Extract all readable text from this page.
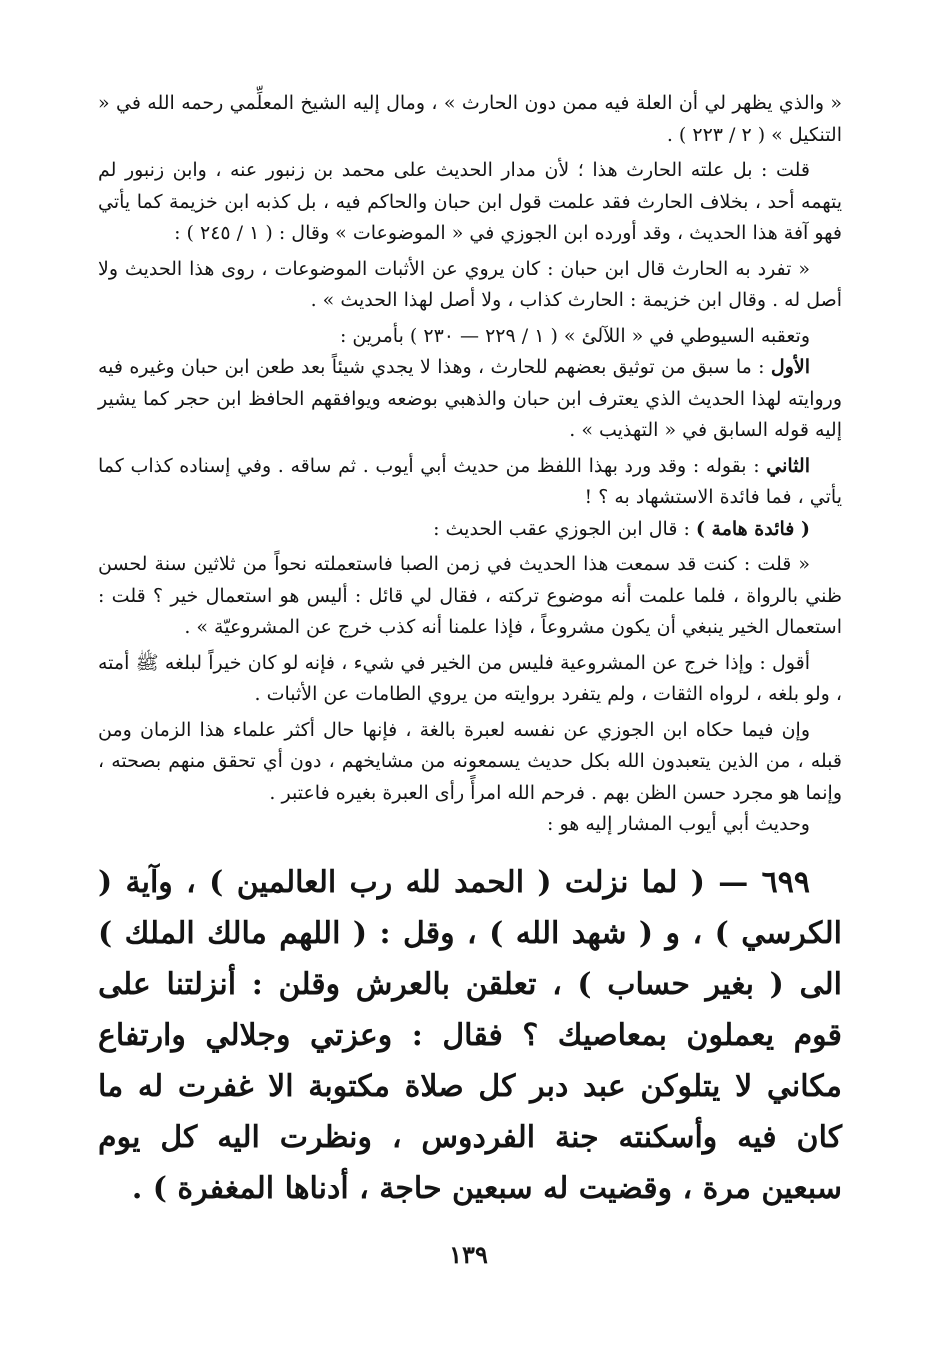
« والذي يظهر لي أن العلة فيه ممن دون الحارث » ، ومال إليه الشيخ المعلِّمي رحمه الله في « التنكيل » ( ٢ / ٢٢٣ ) .

قلت : بل علته الحارث هذا ؛ لأن مدار الحديث على محمد بن زنبور عنه ، وابن زنبور لم يتهمه أحد ، بخلاف الحارث فقد علمت قول ابن حبان والحاكم فيه ، بل كذبه ابن خزيمة كما يأتي فهو آفة هذا الحديث ، وقد أورده ابن الجوزي في « الموضوعات » وقال : ( ١ / ٢٤٥ ) :

« تفرد به الحارث قال ابن حبان : كان يروي عن الأثبات الموضوعات ، روى هذا الحديث ولا أصل له . وقال ابن خزيمة : الحارث كذاب ، ولا أصل لهذا الحديث » .

وتعقبه السيوطي في « اللآلئ » ( ١ / ٢٢٩ — ٢٣٠ ) بأمرين :

الأول : ما سبق من توثيق بعضهم للحارث ، وهذا لا يجدي شيئاً بعد طعن ابن حبان وغيره فيه وروايته لهذا الحديث الذي يعترف ابن حبان والذهبي بوضعه ويوافقهم الحافظ ابن حجر كما يشير إليه قوله السابق في « التهذيب » .

الثاني : بقوله : وقد ورد بهذا اللفظ من حديث أبي أيوب . ثم ساقه . وفي إسناده كذاب كما يأتي ، فما فائدة الاستشهاد به ؟ !

( فائدة هامة ) : قال ابن الجوزي عقب الحديث :

« قلت : كنت قد سمعت هذا الحديث في زمن الصبا فاستعملته نحواً من ثلاثين سنة لحسن ظني بالرواة ، فلما علمت أنه موضوع تركته ، فقال لي قائل : أليس هو استعمال خير ؟ قلت : استعمال الخير ينبغي أن يكون مشروعاً ، فإذا علمنا أنه كذب خرج عن المشروعيّة » .

أقول : وإذا خرج عن المشروعية فليس من الخير في شيء ، فإنه لو كان خيراً لبلغه ﷺ أمته ، ولو بلغه ، لرواه الثقات ، ولم يتفرد بروايته من يروي الطامات عن الأثبات .

وإن فيما حكاه ابن الجوزي عن نفسه لعبرة بالغة ، فإنها حال أكثر علماء هذا الزمان ومن قبله ، من الذين يتعبدون الله بكل حديث يسمعونه من مشايخهم ، دون أي تحقق منهم بصحته ، وإنما هو مجرد حسن الظن بهم . فرحم الله امرأً رأى العبرة بغيره فاعتبر .

وحديث أبي أيوب المشار إليه هو :

٦٩٩ — ( لما نزلت ( الحمد لله رب العالمين ) ، وآية ( الكرسي ) ، و ( شهد الله ) ، وقل : ( اللهم مالك الملك ) الى ( بغير حساب ) ، تعلقن بالعرش وقلن : أنزلتنا على قوم يعملون بمعاصيك ؟ فقال : وعزتي وجلالي وارتفاع مكاني لا يتلوكن عبد دبر كل صلاة مكتوبة الا غفرت له ما كان فيه وأسكنته جنة الفردوس ، ونظرت اليه كل يوم سبعين مرة ، وقضيت له سبعين حاجة ، أدناها المغفرة ) .

١٣٩
